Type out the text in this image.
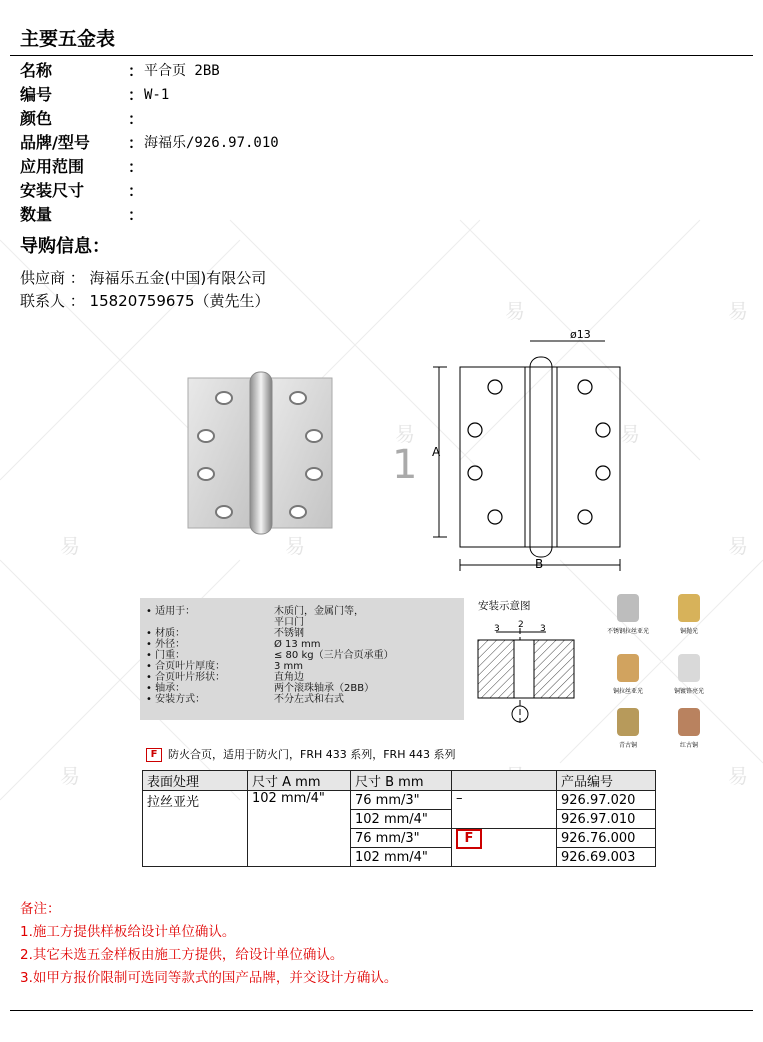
易	易
易	易
易	易	易
易	易
主要五金表
名称	： 平合页 2BB
编号	： W-1
颜色	：
品牌/型号	： 海福乐/926.97.010
应用范围	：
安装尺寸	：
数量	：
导购信息：
供应商 ： 海福乐五金(中国)有限公司
联系人 ： 15820759675（黄先生）
1
ø13
A
B
• 适用于：	木质门，金属门等，
平口门
• 材质：	不锈钢
• 外径：	Ø 13 mm
• 门重：	≤ 80 kg（三片合页承重）
• 合页叶片厚度：	3 mm
• 合页叶片形状：	直角边
• 轴承：	两个滚珠轴承（2BB）
• 安装方式：	不分左式和右式
安装示意图
3 2 3	不锈钢拉丝亚光	铜抛光
铜拉丝亚光	铜镀铬亮光
青古铜	红古铜
F 防火合页，适用于防火门，FRH 433 系列，FRH 443 系列
表面处理	尺寸 A mm	尺寸 B mm		产品编号
拉丝亚光	102 mm/4"	76 mm/3"	–	926.97.020
		102 mm/4"		926.97.010
		76 mm/3"	F	926.76.000
		102 mm/4"		926.69.003
备注：
1.施工方提供样板给设计单位确认。
2.其它未选五金样板由施工方提供，给设计单位确认。
3.如甲方报价限制可选同等款式的国产品牌，并交设计方确认。
